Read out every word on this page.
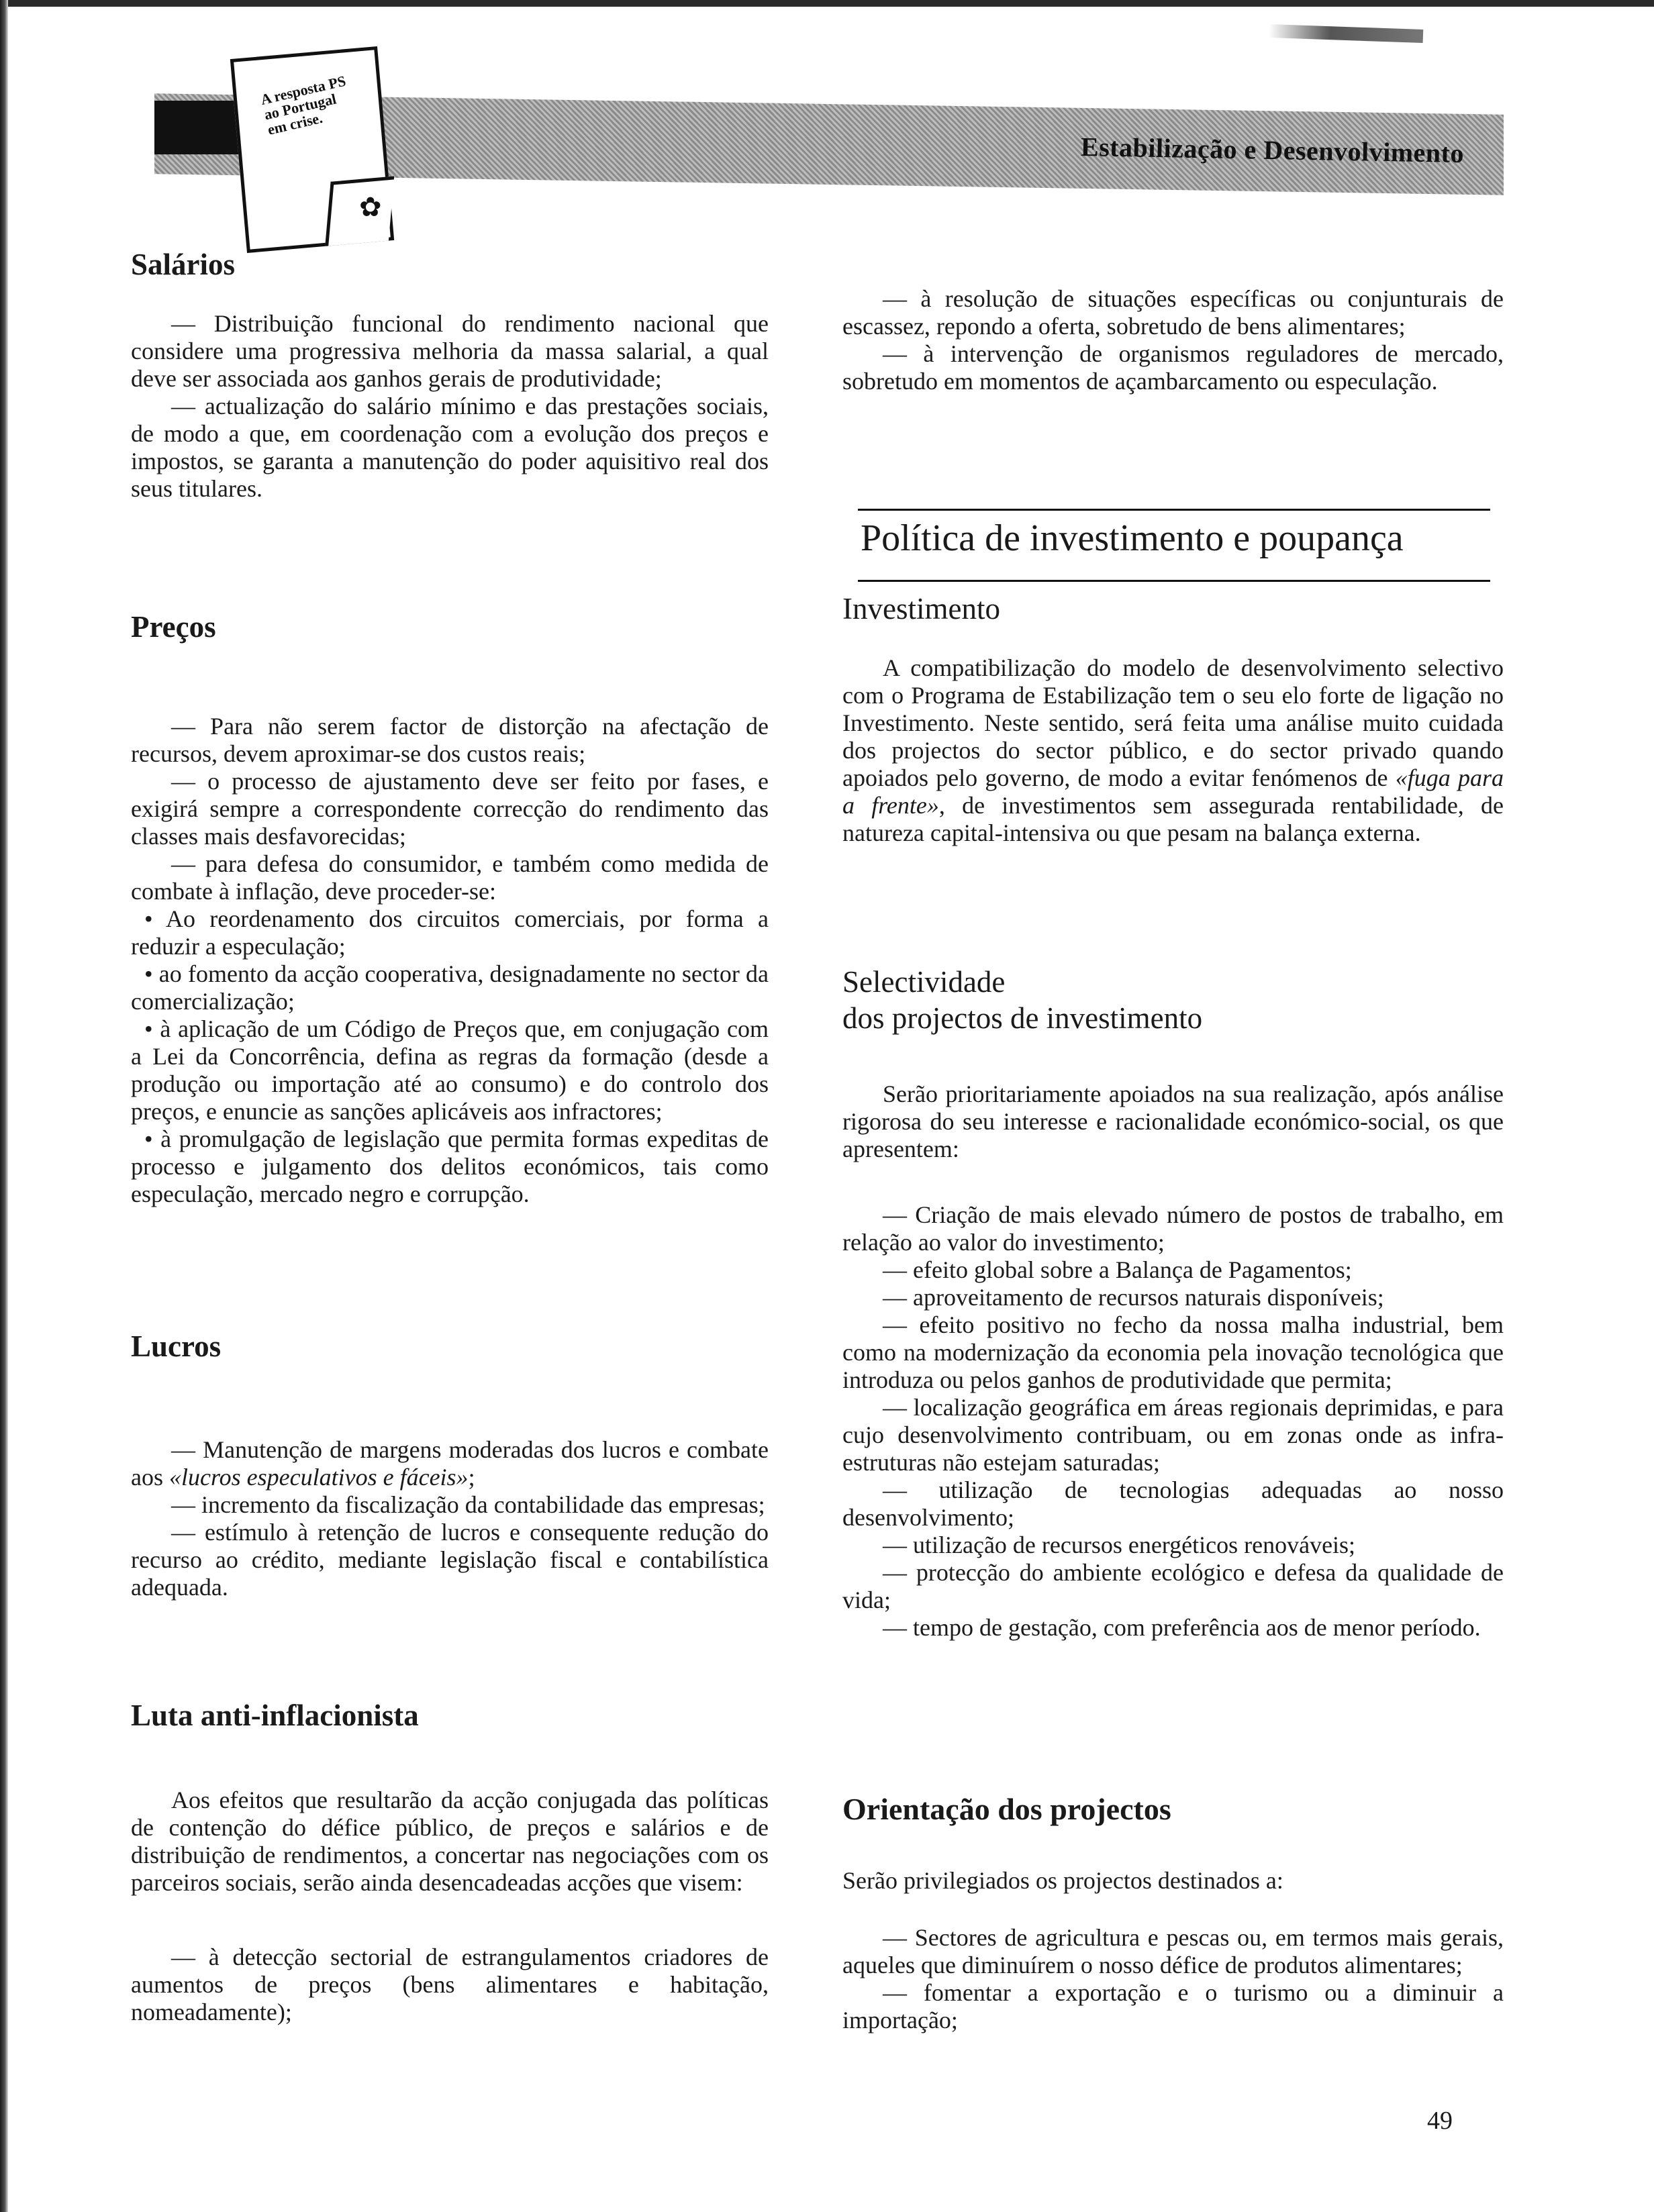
Estabilização e Desenvolvimento
A resposta PS ao Portugal em crise.
✿
Salários

— Distribuição funcional do rendimento nacional que considere uma progressiva melhoria da massa salarial, a qual deve ser associada aos ganhos gerais de produtividade;

— actualização do salário mínimo e das prestações sociais, de modo a que, em coordenação com a evolução dos preços e impostos, se garanta a manutenção do poder aquisitivo real dos seus titulares.

Preços

— Para não serem factor de distorção na afectação de recursos, devem aproximar-se dos custos reais;

— o processo de ajustamento deve ser feito por fases, e exigirá sempre a correspondente correcção do rendimento das classes mais desfavorecidas;

— para defesa do consumidor, e também como medida de combate à inflação, deve proceder-se:

• Ao reordenamento dos circuitos comerciais, por forma a reduzir a especulação;

• ao fomento da acção cooperativa, designadamente no sector da comercialização;

• à aplicação de um Código de Preços que, em conjugação com a Lei da Concorrência, defina as regras da formação (desde a produção ou importação até ao consumo) e do controlo dos preços, e enuncie as sanções aplicáveis aos infractores;

• à promulgação de legislação que permita formas expeditas de processo e julgamento dos delitos económicos, tais como especulação, mercado negro e corrupção.

Lucros

— Manutenção de margens moderadas dos lucros e combate aos «lucros especulativos e fáceis»;

— incremento da fiscalização da contabilidade das empresas;

— estímulo à retenção de lucros e consequente redução do recurso ao crédito, mediante legislação fiscal e contabilística adequada.

Luta anti-inflacionista

Aos efeitos que resultarão da acção conjugada das políticas de contenção do défice público, de preços e salários e de distribuição de rendimentos, a concertar nas negociações com os parceiros sociais, serão ainda desencadeadas acções que visem:

— à detecção sectorial de estrangulamentos criadores de aumentos de preços (bens alimentares e habitação, nomeadamente);

— à resolução de situações específicas ou conjunturais de escassez, repondo a oferta, sobretudo de bens alimentares;

— à intervenção de organismos reguladores de mercado, sobretudo em momentos de açambarcamento ou especulação.

Política de investimento e poupança
Investimento

A compatibilização do modelo de desenvolvimento selectivo com o Programa de Estabilização tem o seu elo forte de ligação no Investimento. Neste sentido, será feita uma análise muito cuidada dos projectos do sector público, e do sector privado quando apoiados pelo governo, de modo a evitar fenómenos de «fuga para a frente», de investimentos sem assegurada rentabilidade, de natureza capital-intensiva ou que pesam na balança externa.

Selectividade
dos projectos de investimento

Serão prioritariamente apoiados na sua realização, após análise rigorosa do seu interesse e racionalidade económico-social, os que apresentem:

— Criação de mais elevado número de postos de trabalho, em relação ao valor do investimento;

— efeito global sobre a Balança de Pagamentos;

— aproveitamento de recursos naturais disponíveis;

— efeito positivo no fecho da nossa malha industrial, bem como na modernização da economia pela inovação tecnológica que introduza ou pelos ganhos de produtividade que permita;

— localização geográfica em áreas regionais deprimidas, e para cujo desenvolvimento contribuam, ou em zonas onde as infra-estruturas não estejam saturadas;

— utilização de tecnologias adequadas ao nosso desenvolvimento;

— utilização de recursos energéticos renováveis;

— protecção do ambiente ecológico e defesa da qualidade de vida;

— tempo de gestação, com preferência aos de menor período.

Orientação dos projectos

Serão privilegiados os projectos destinados a:

— Sectores de agricultura e pescas ou, em termos mais gerais, aqueles que diminuírem o nosso défice de produtos alimentares;

— fomentar a exportação e o turismo ou a diminuir a importação;

49
